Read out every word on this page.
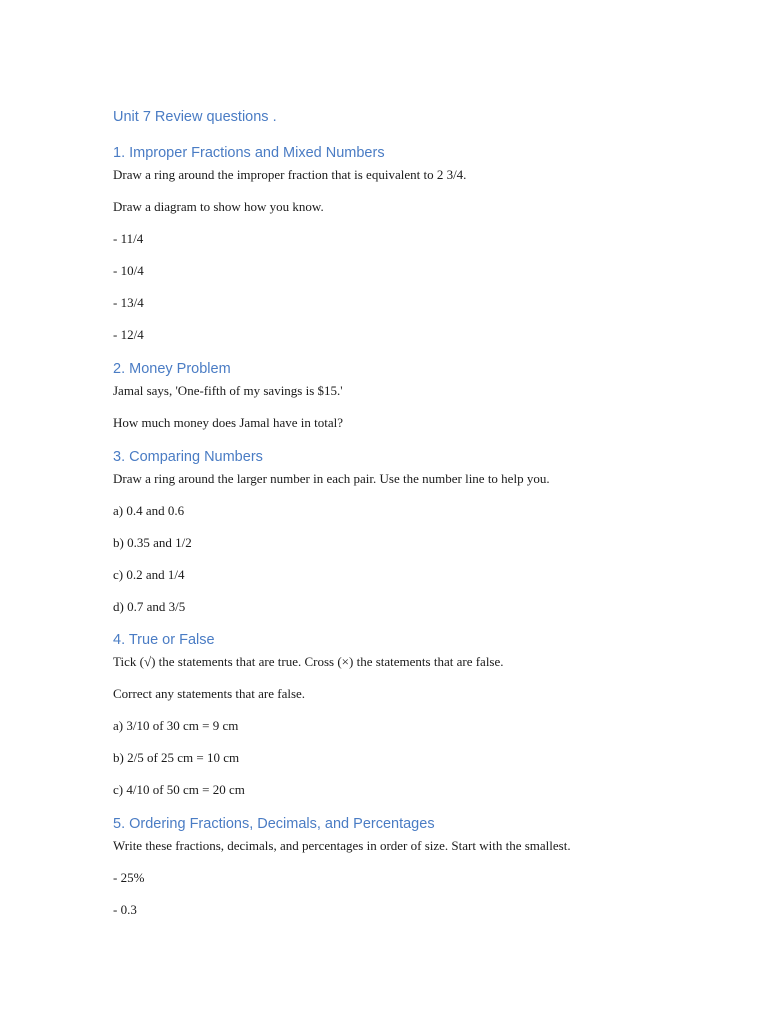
Unit 7 Review questions .
1. Improper Fractions and Mixed Numbers

Draw a ring around the improper fraction that is equivalent to 2 3/4.

Draw a diagram to show how you know.

- 11/4

- 10/4

- 13/4

- 12/4

2. Money Problem

Jamal says, 'One-fifth of my savings is $15.'

How much money does Jamal have in total?

3. Comparing Numbers

Draw a ring around the larger number in each pair. Use the number line to help you.

a) 0.4 and 0.6

b) 0.35 and 1/2

c) 0.2 and 1/4

d) 0.7 and 3/5

4. True or False

Tick (√) the statements that are true. Cross (×) the statements that are false.

Correct any statements that are false.

a) 3/10 of 30 cm = 9 cm

b) 2/5 of 25 cm = 10 cm

c) 4/10 of 50 cm = 20 cm

5. Ordering Fractions, Decimals, and Percentages

Write these fractions, decimals, and percentages in order of size. Start with the smallest.

- 25%

- 0.3
